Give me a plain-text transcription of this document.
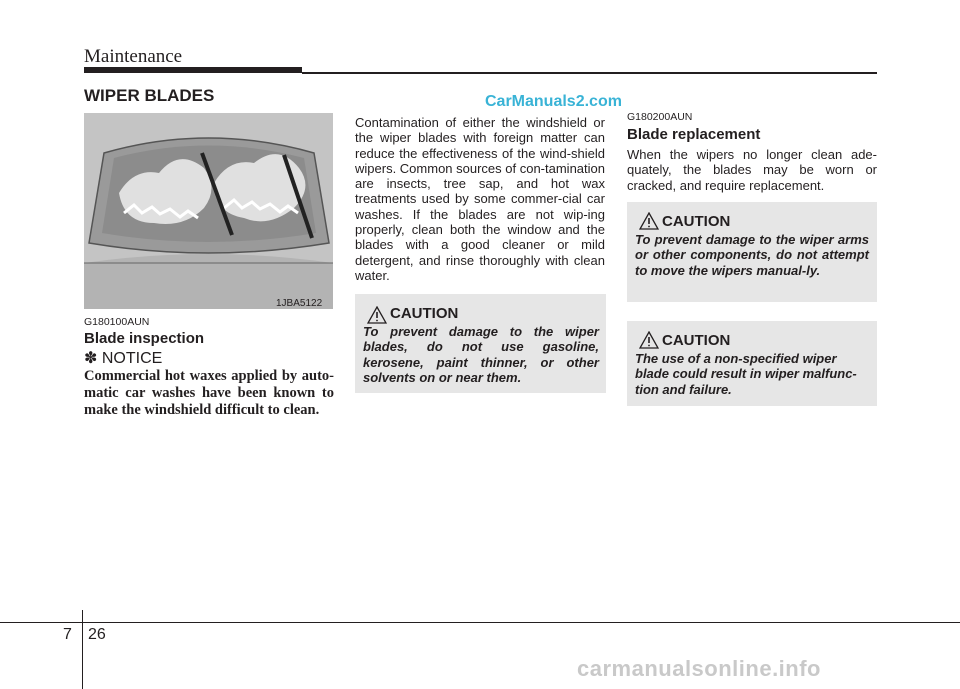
Maintenance
WIPER BLADES	CarManuals2.com
1JBA5122
G180100AUN
Blade inspection
✽ NOTICE
Commercial hot waxes applied by auto-matic car washes have been known to make the windshield difficult to clean.
Contamination of either the windshield or the wiper blades with foreign matter can reduce the effectiveness of the wind-shield wipers. Common sources of con-tamination are insects, tree sap, and hot wax treatments used by some commer-cial car washes. If the blades are not wip-ing properly, clean both the window and the blades with a good cleaner or mild detergent, and rinse thoroughly with clean water.
CAUTION
To prevent damage to the wiper blades, do not use gasoline, kerosene, paint thinner, or other solvents on or near them.
G180200AUN
Blade replacement
When the wipers no longer clean ade-quately, the blades may be worn or cracked, and require replacement.
CAUTION
To prevent damage to the wiper arms or other components, do not attempt to move the wipers manual-ly.
CAUTION
The use of a non-specified wiper blade could result in wiper malfunc-tion and failure.
7 26
carmanualsonline.info
